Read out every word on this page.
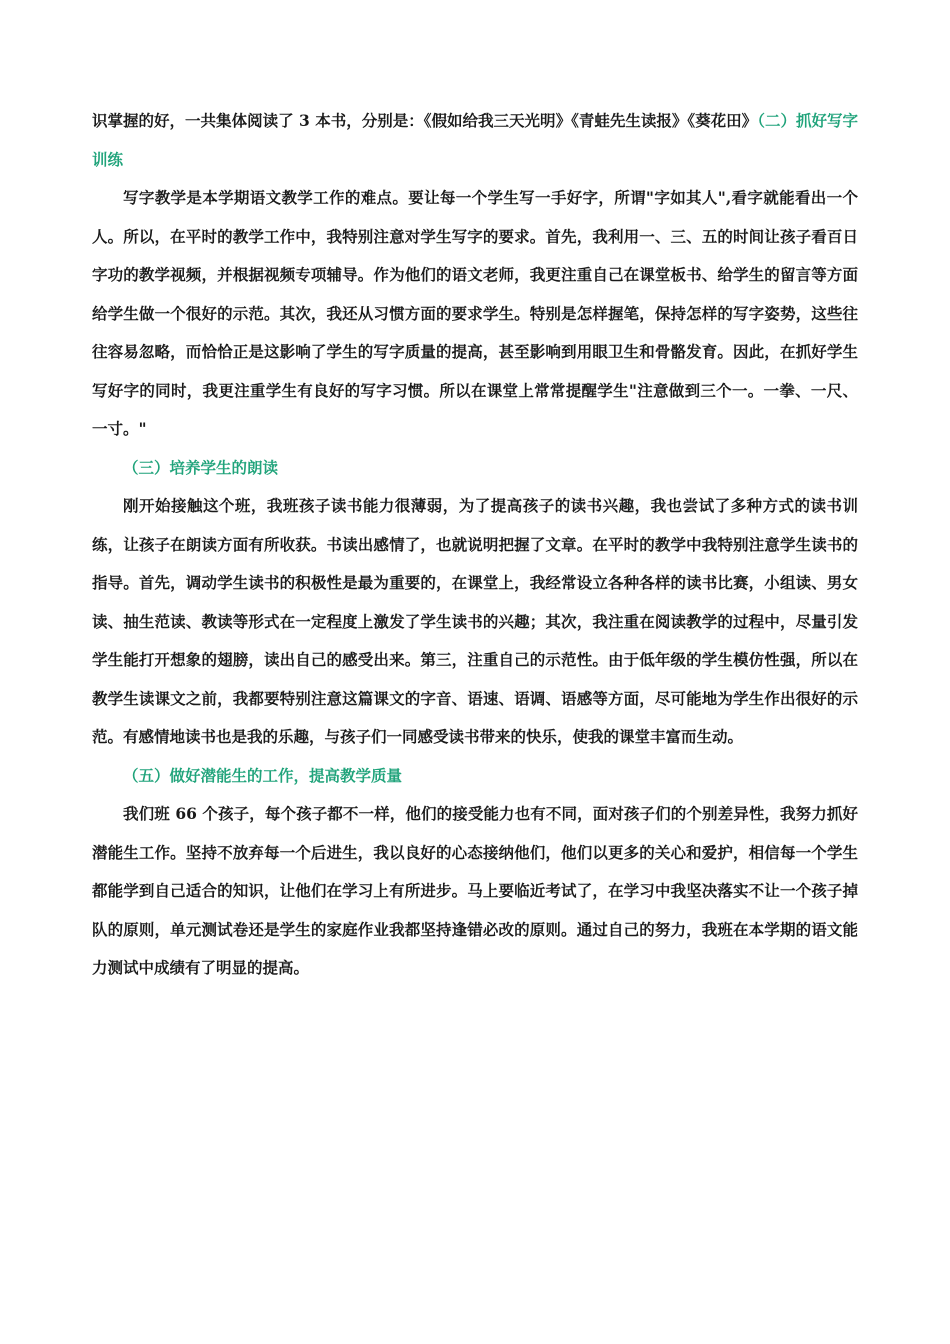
识掌握的好，一共集体阅读了 3 本书，分别是：《假如给我三天光明》《青蛙先生读报》《葵花田》（二）抓好写字训练

写字教学是本学期语文教学工作的难点。要让每一个学生写一手好字，所谓"字如其人",看字就能看出一个人。所以，在平时的教学工作中，我特别注意对学生写字的要求。首先，我利用一、三、五的时间让孩子看百日字功的教学视频，并根据视频专项辅导。作为他们的语文老师，我更注重自己在课堂板书、给学生的留言等方面给学生做一个很好的示范。其次，我还从习惯方面的要求学生。特别是怎样握笔，保持怎样的写字姿势，这些往往容易忽略，而恰恰正是这影响了学生的写字质量的提高，甚至影响到用眼卫生和骨骼发育。因此，在抓好学生写好字的同时，我更注重学生有良好的写字习惯。所以在课堂上常常提醒学生"注意做到三个一。一拳、一尺、一寸。"

（三）培养学生的朗读

刚开始接触这个班，我班孩子读书能力很薄弱，为了提高孩子的读书兴趣，我也尝试了多种方式的读书训练，让孩子在朗读方面有所收获。书读出感情了，也就说明把握了文章。在平时的教学中我特别注意学生读书的指导。首先，调动学生读书的积极性是最为重要的，在课堂上，我经常设立各种各样的读书比赛，小组读、男女读、抽生范读、教读等形式在一定程度上激发了学生读书的兴趣；其次，我注重在阅读教学的过程中，尽量引发学生能打开想象的翅膀，读出自己的感受出来。第三，注重自己的示范性。由于低年级的学生模仿性强，所以在教学生读课文之前，我都要特别注意这篇课文的字音、语速、语调、语感等方面，尽可能地为学生作出很好的示范。有感情地读书也是我的乐趣，与孩子们一同感受读书带来的快乐，使我的课堂丰富而生动。

（五）做好潜能生的工作，提高教学质量

我们班 66 个孩子，每个孩子都不一样，他们的接受能力也有不同，面对孩子们的个别差异性，我努力抓好潜能生工作。坚持不放弃每一个后进生，我以良好的心态接纳他们，他们以更多的关心和爱护，相信每一个学生都能学到自己适合的知识，让他们在学习上有所进步。马上要临近考试了，在学习中我坚决落实不让一个孩子掉队的原则，单元测试卷还是学生的家庭作业我都坚持逢错必改的原则。通过自己的努力，我班在本学期的语文能力测试中成绩有了明显的提高。
